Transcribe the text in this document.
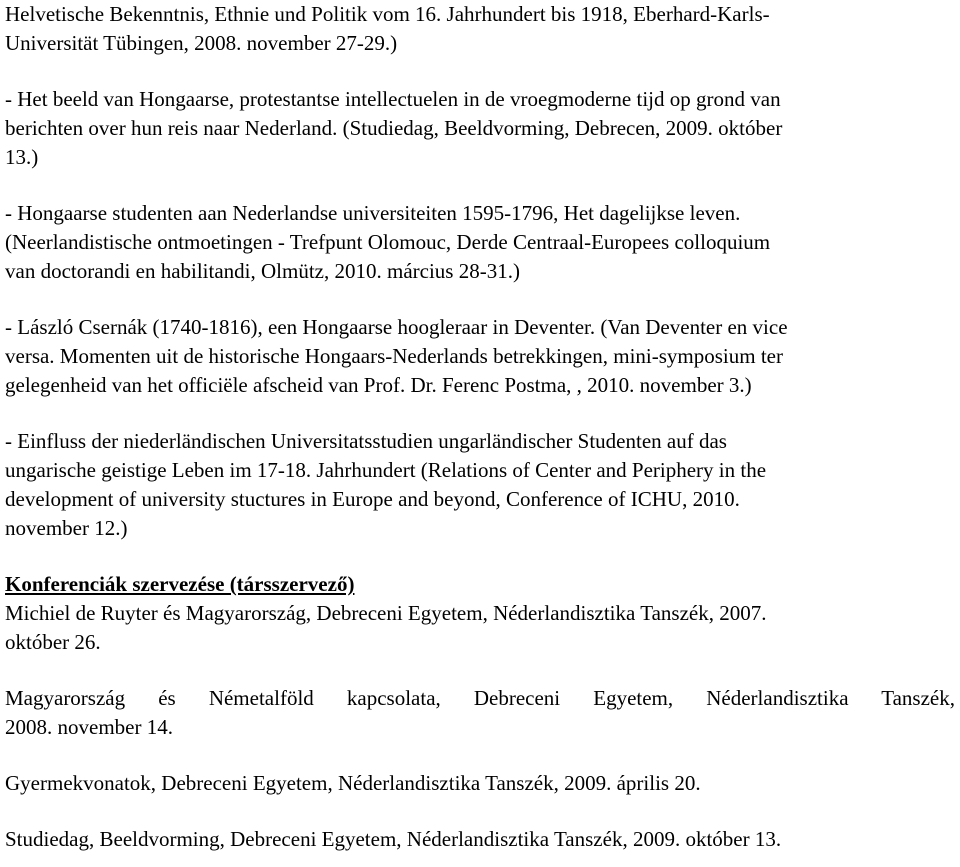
Helvetische Bekenntnis, Ethnie und Politik vom 16. Jahrhundert bis 1918, Eberhard-Karls-
Universität Tübingen, 2008. november 27-29.)
- Het beeld van Hongaarse, protestantse intellectuelen in de vroegmoderne tijd op grond van
berichten over hun reis naar Nederland. (Studiedag, Beeldvorming, Debrecen, 2009. október
13.)
- Hongaarse studenten aan Nederlandse universiteiten 1595-1796, Het dagelijkse leven.
(Neerlandistische ontmoetingen - Trefpunt Olomouc, Derde Centraal-Europees colloquium
van doctorandi en habilitandi, Olmütz, 2010. március 28-31.)
- László Csernák (1740-1816), een Hongaarse hoogleraar in Deventer. (Van Deventer en vice
versa. Momenten uit de historische Hongaars-Nederlands betrekkingen, mini-symposium ter
gelegenheid van het officiële afscheid van Prof. Dr. Ferenc Postma, , 2010. november 3.)
- Einfluss der niederländischen Universitatsstudien ungarländischer Studenten auf das
ungarische geistige Leben im 17-18. Jahrhundert (Relations of Center and Periphery in the
development of university stuctures in Europe and beyond, Conference of ICHU, 2010.
november 12.)
Konferenciák szervezése (társszervező)
Michiel de Ruyter és Magyarország, Debreceni Egyetem, Néderlandisztika Tanszék, 2007.
október 26.
Magyarország és Németalföld kapcsolata, Debreceni Egyetem, Néderlandisztika Tanszék,
2008. november 14.
Gyermekvonatok, Debreceni Egyetem, Néderlandisztika Tanszék, 2009. április 20.
Studiedag, Beeldvorming, Debreceni Egyetem, Néderlandisztika Tanszék, 2009. október 13.
